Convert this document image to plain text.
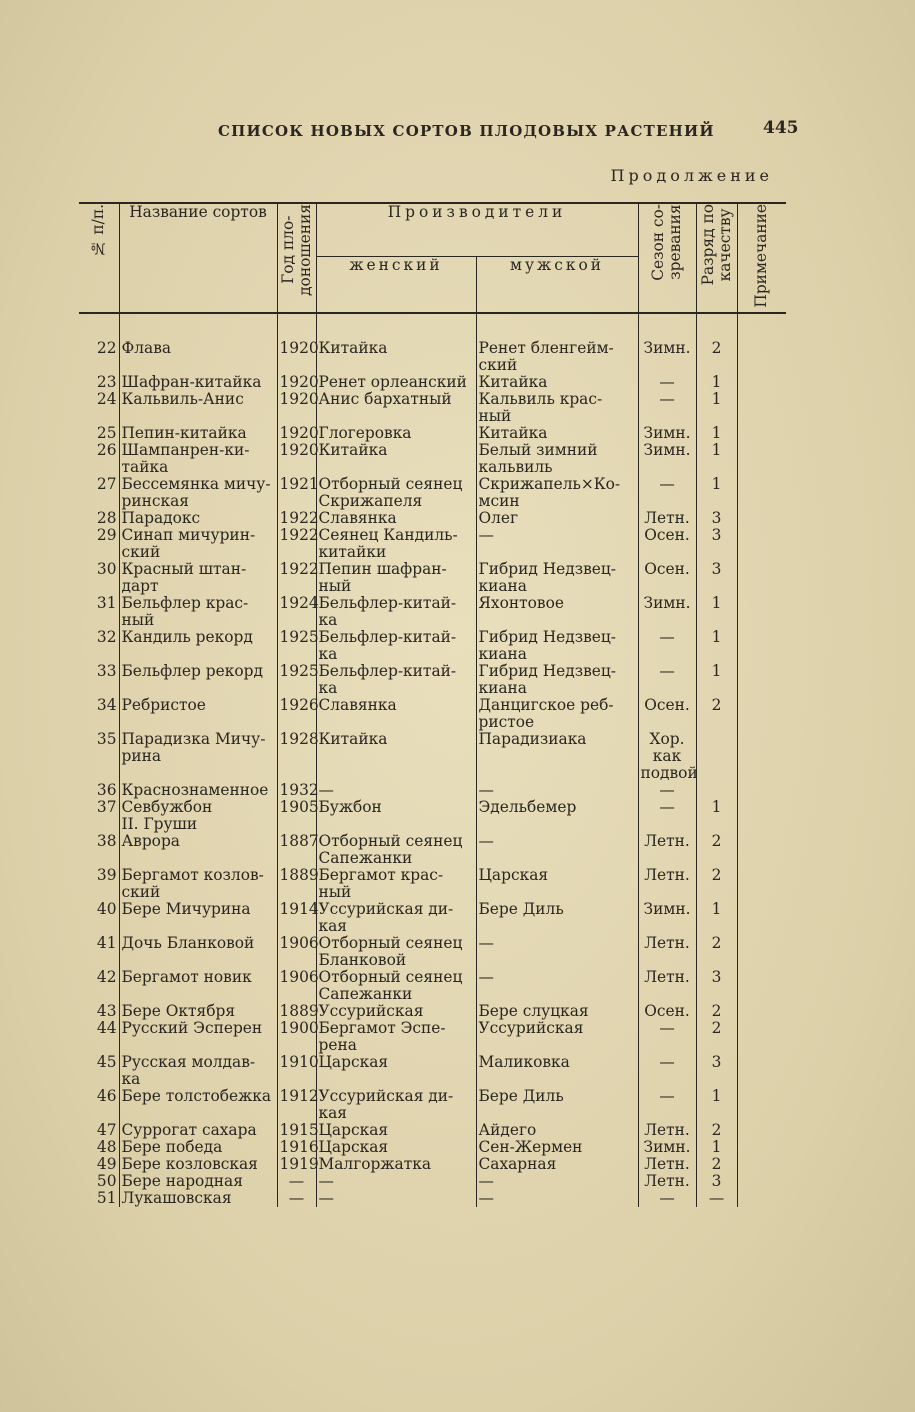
СПИСОК НОВЫХ СОРТОВ ПЛОДОВЫХ РАСТЕНИЙ	445
Продолжение
№ п/п.	Название сортов	Год пло-
доношения	Производители		Сезон со-
зревания	Разряд по
качеству	Примечание
			женский	мужской			

22	Флава	1920	Китайка	Ренет бленгейм-
ский	Зимн.	2	

23	Шафран-китайка	1920	Ренет орлеанский	Китайка	—	1	

24	Кальвиль-Анис	1920	Анис бархатный	Кальвиль крас-
ный	—	1	

25	Пепин-китайка	1920	Глогеровка	Китайка	Зимн.	1	

26	Шампанрен-ки-
тайка	1920	Китайка	Белый зимний
кальвиль	Зимн.	1	

27	Бессемянка мичу-
ринская	1921	Отборный сеянец
Скрижапеля	Скрижапель×Ко-
мсин	—	1	

28	Парадокс	1922	Славянка	Олег	Летн.	3	

29	Синап мичурин-
ский	1922	Сеянец Кандиль-
китайки	—	Осен.	3	

30	Красный штан-
дарт	1922	Пепин шафран-
ный	Гибрид Недзвец-
киана	Осен.	3	

31	Бельфлер крас-
ный	1924	Бельфлер-китай-
ка	Яхонтовое	Зимн.	1	

32	Кандиль рекорд	1925	Бельфлер-китай-
ка	Гибрид Недзвец-
киана	—	1	

33	Бельфлер рекорд	1925	Бельфлер-китай-
ка	Гибрид Недзвец-
киана	—	1	

34	Ребристое	1926	Славянка	Данцигское реб-
ристое	Осен.	2	

35	Парадизка Мичу-
рина	1928	Китайка	Парадизиака	Хор. как
подвой		

36	Краснознаменное	1932	—	—	—		

37	Севбужбон	1905	Бужбон	Эдельбемер	—	1	

	II. Груши						

38	Аврора	1887	Отборный сеянец
Сапежанки	—	Летн.	2	

39	Бергамот козлов-
ский	1889	Бергамот крас-
ный	Царская	Летн.	2	

40	Бере Мичурина	1914	Уссурийская ди-
кая	Бере Диль	Зимн.	1	

41	Дочь Бланковой	1906	Отборный сеянец
Бланковой	—	Летн.	2	

42	Бергамот новик	1906	Отборный сеянец
Сапежанки	—	Летн.	3	

43	Бере Октября	1889	Уссурийская	Бере слуцкая	Осен.	2	

44	Русский Эсперен	1900	Бергамот Эспе-
рена	Уссурийская	—	2	

45	Русская молдав-
ка	1910	Царская	Маликовка	—	3	

46	Бере толстобежка	1912	Уссурийская ди-
кая	Бере Диль	—	1	

47	Суррогат сахара	1915	Царская	Айдего	Летн.	2	

48	Бере победа	1916	Царская	Сен-Жермен	Зимн.	1	

49	Бере козловская	1919	Малгоржатка	Сахарная	Летн.	2	

50	Бере народная	—	—	—	Летн.	3	

51	Лукашовская	—	—	—	—	—	
